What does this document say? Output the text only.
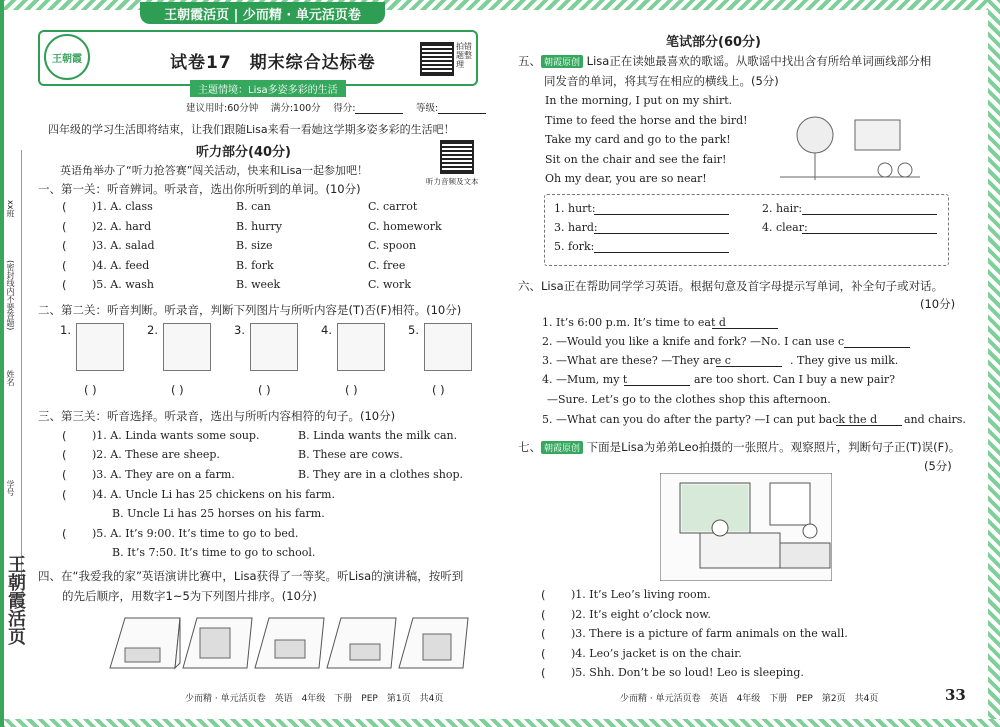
xx班
(密封线内不要答题)
姓名
学号
王朝霞活页
王朝霞活页 | 少而精 · 单元活页卷
王朝霞	试卷17　期末综合达标卷
拍错题整理
主题情境：Lisa多姿多彩的生活
建议用时:60分钟　 满分:100分　 得分:　	等级:
四年级的学习生活即将结束，让我们跟随Lisa来看一看她这学期多姿多彩的生活吧！
听力部分(40分)
听力音频及文本
英语角举办了“听力抢答赛”闯关活动，快来和Lisa一起参加吧！
一、第一关：听音辨词。听录音，选出你所听到的单词。(10分)
二、第二关：听音判断。听录音，判断下列图片与所听内容是(T)否(F)相符。(10分)
三、第三关：听音选择。听录音，选出与所听内容相符的句子。(10分)
四、在“我爱我的家”英语演讲比赛中，Lisa获得了一等奖。听Lisa的演讲稿，按听到
的先后顺序，用数字1~5为下列图片排序。(10分)
少而精 · 单元活页卷　英语　4年级　下册　PEP　第1页　共4页
笔试部分(60分)
五、 朝霞原创 Lisa正在读她最喜欢的歌谣。从歌谣中找出含有所给单词画线部分相
同发音的单词，将其写在相应的横线上。(5分)
六、Lisa正在帮助同学学习英语。根据句意及首字母提示写单词，补全句子或对话。
(10分)
七、 朝霞原创 下面是Lisa为弟弟Leo拍摄的一张照片。观察照片，判断句子正(T)误(F)。
(5分)
少而精 · 单元活页卷　英语　4年级　下册　PEP　第2页　共4页	33
( )1. A. class	B. can	C. carrot
( )2. A. hard	B. hurry	C. homework
( )3. A. salad	B. size	C. spoon
( )4. A. feed	B. fork	C. free
( )5. A. wash	B. week	C. work
1.
( )
2.
( )
3.
( )
4.
( )
5.
( )
( )1. A. Linda wants some soup.	B. Linda wants the milk can.
( )2. A. These are sheep.	B. These are cows.
( )3. A. They are on a farm.	B. They are in a clothes shop.
( )4. A. Uncle Li has 25 chickens on his farm.
B. Uncle Li has 25 horses on his farm.
( )5. A. It’s 9:00. It’s time to go to bed.
B. It’s 7:50. It’s time to go to school.
In the morning, I put on my shirt.
Time to feed the horse and the bird!
Take my card and go to the park!
Sit on the chair and see the fair!
Oh my dear, you are so near!
1. hurt:	2. hair:
3. hard:	4. clear:
5. fork:
1. It’s 6:00 p.m. It’s time to eat d
2. —Would you like a knife and fork? —No. I can use c
3. —What are these? —They are c
4. —Mum, my t
—Sure. Let’s go to the clothes shop this afternoon.
5. —What can you do after the party? —I can put back the d
. They give us milk.
are too short. Can I buy a new pair?
and chairs.
( )1. It’s Leo’s living room.
( )2. It’s eight o’clock now.
( )3. There is a picture of farm animals on the wall.
( )4. Leo’s jacket is on the chair.
( )5. Shh. Don’t be so loud! Leo is sleeping.
